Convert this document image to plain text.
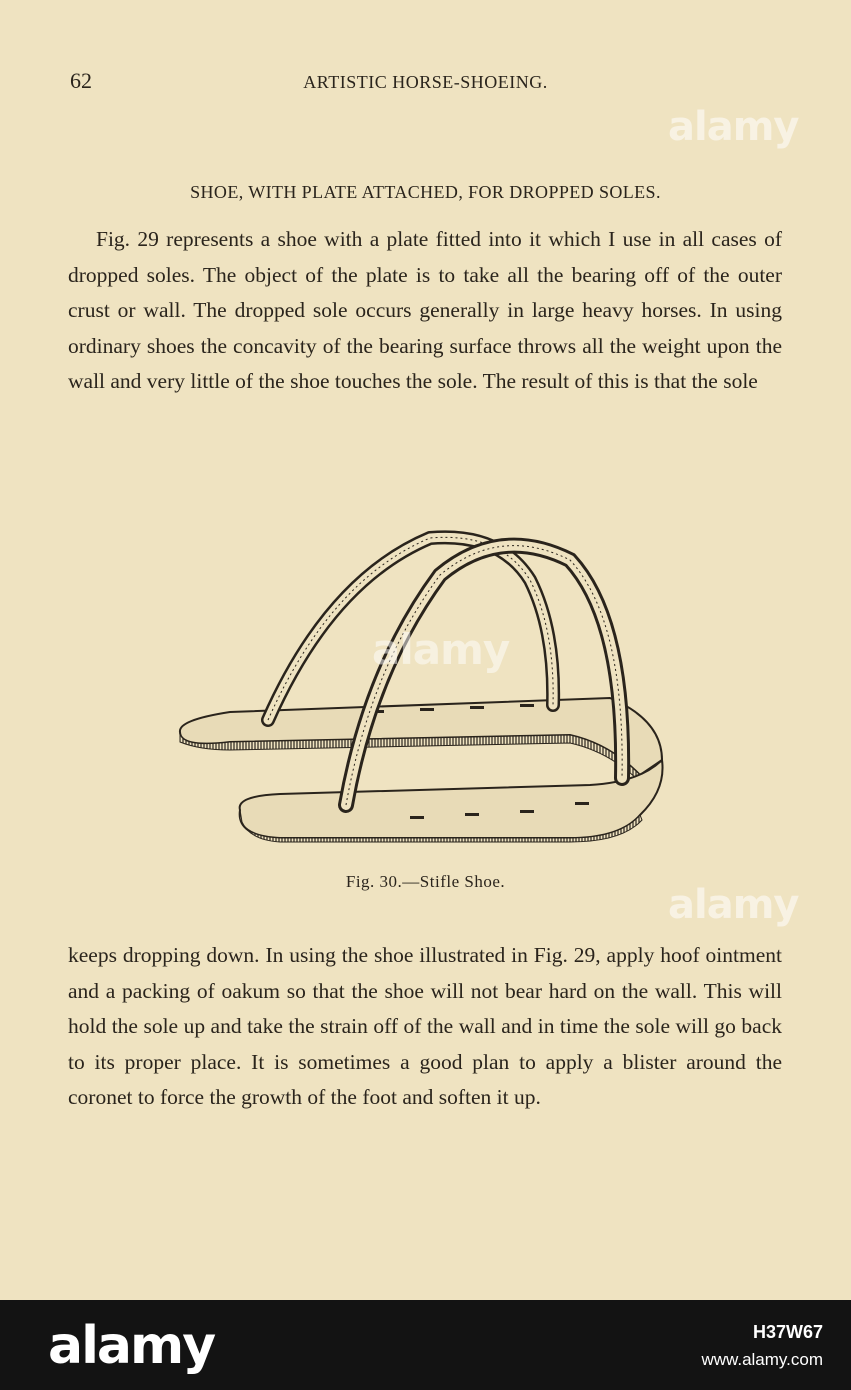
62	ARTISTIC HORSE-SHOEING.
SHOE, WITH PLATE ATTACHED, FOR DROPPED SOLES.

Fig. 29 represents a shoe with a plate fitted into it which I use in all cases of dropped soles. The object of the plate is to take all the bearing off of the outer crust or wall. The dropped sole occurs generally in large heavy horses. In using ordinary shoes the concavity of the bearing surface throws all the weight upon the wall and very little of the shoe touches the sole. The result of this is that the sole

Fig. 30.—Stifle Shoe.

keeps dropping down. In using the shoe illustrated in Fig. 29, apply hoof ointment and a packing of oakum so that the shoe will not bear hard on the wall. This will hold the sole up and take the strain off of the wall and in time the sole will go back to its proper place. It is sometimes a good plan to apply a blister around the coronet to force the growth of the foot and soften it up.

alamy
alamy
alamy
alamy	H37W67
www.alamy.com
